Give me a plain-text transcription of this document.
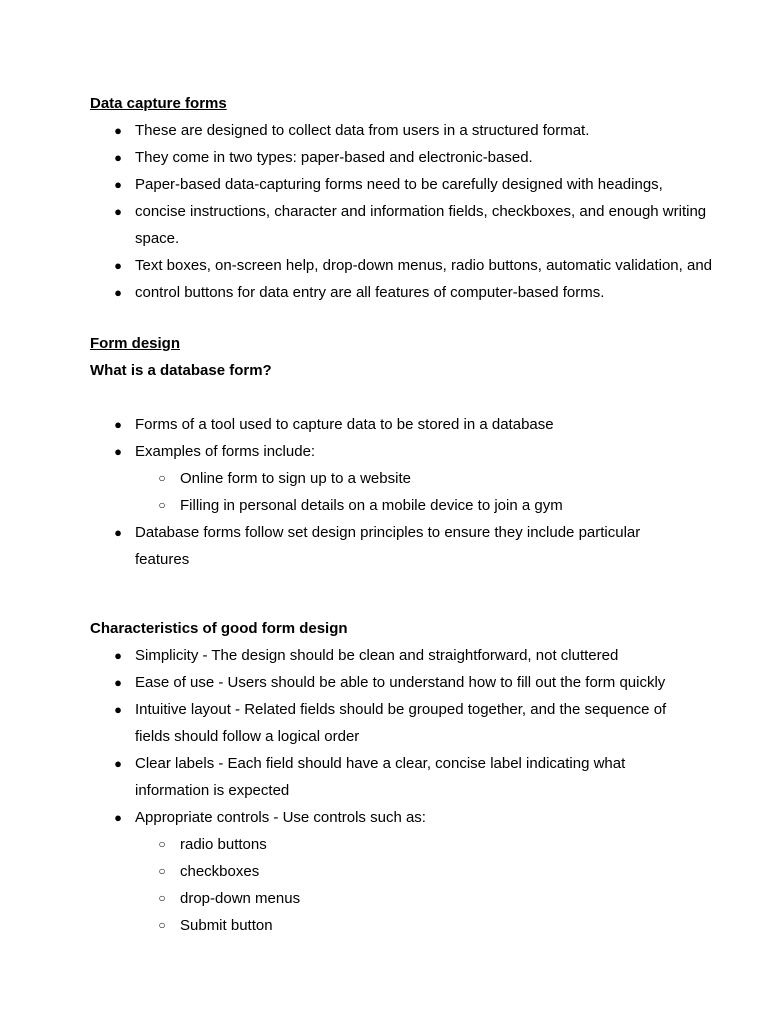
Data capture forms
● These are designed to collect data from users in a structured format.
● They come in two types: paper-based and electronic-based.
● Paper-based data-capturing forms need to be carefully designed with headings,
● concise instructions, character and information fields, checkboxes, and enough writing
space.
● Text boxes, on-screen help, drop-down menus, radio buttons, automatic validation, and
● control buttons for data entry are all features of computer-based forms.
Form design
What is a database form?
● Forms of a tool used to capture data to be stored in a database
● Examples of forms include:
○ Online form to sign up to a website
○ Filling in personal details on a mobile device to join a gym
● Database forms follow set design principles to ensure they include particular
features
Characteristics of good form design
● Simplicity - The design should be clean and straightforward, not cluttered
● Ease of use - Users should be able to understand how to fill out the form quickly
● Intuitive layout - Related fields should be grouped together, and the sequence of
fields should follow a logical order
● Clear labels - Each field should have a clear, concise label indicating what
information is expected
● Appropriate controls - Use controls such as:
○ radio buttons
○ checkboxes
○ drop-down menus
○ Submit button
